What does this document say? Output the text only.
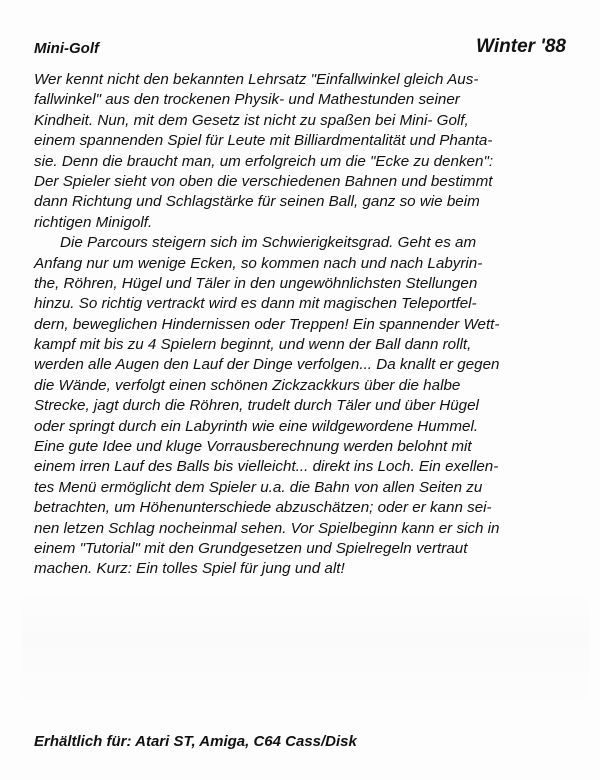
Mini-Golf	Winter '88
Wer kennt nicht den bekannten Lehrsatz "Einfallwinkel gleich Aus-
fallwinkel" aus den trockenen Physik- und Mathestunden seiner
Kindheit. Nun, mit dem Gesetz ist nicht zu spaßen bei Mini- Golf,
einem spannenden Spiel für Leute mit Billiardmentalität und Phanta-
sie. Denn die braucht man, um erfolgreich um die "Ecke zu denken":
Der Spieler sieht von oben die verschiedenen Bahnen und bestimmt
dann Richtung und Schlagstärke für seinen Ball, ganz so wie beim
richtigen Minigolf.
Die Parcours steigern sich im Schwierigkeitsgrad. Geht es am
Anfang nur um wenige Ecken, so kommen nach und nach Labyrin-
the, Röhren, Hügel und Täler in den ungewöhnlichsten Stellungen
hinzu. So richtig vertrackt wird es dann mit magischen Teleportfel-
dern, beweglichen Hindernissen oder Treppen! Ein spannender Wett-
kampf mit bis zu 4 Spielern beginnt, und wenn der Ball dann rollt,
werden alle Augen den Lauf der Dinge verfolgen... Da knallt er gegen
die Wände, verfolgt einen schönen Zickzackkurs über die halbe
Strecke, jagt durch die Röhren, trudelt durch Täler und über Hügel
oder springt durch ein Labyrinth wie eine wildgewordene Hummel.
Eine gute Idee und kluge Vorrausberechnung werden belohnt mit
einem irren Lauf des Balls bis vielleicht... direkt ins Loch. Ein exellen-
tes Menü ermöglicht dem Spieler u.a. die Bahn von allen Seiten zu
betrachten, um Höhenunterschiede abzuschätzen; oder er kann sei-
nen letzen Schlag nocheinmal sehen. Vor Spielbeginn kann er sich in
einem "Tutorial" mit den Grundgesetzen und Spielregeln vertraut
machen. Kurz: Ein tolles Spiel für jung und alt!
Erhältlich für: Atari ST, Amiga, C64 Cass/Disk
